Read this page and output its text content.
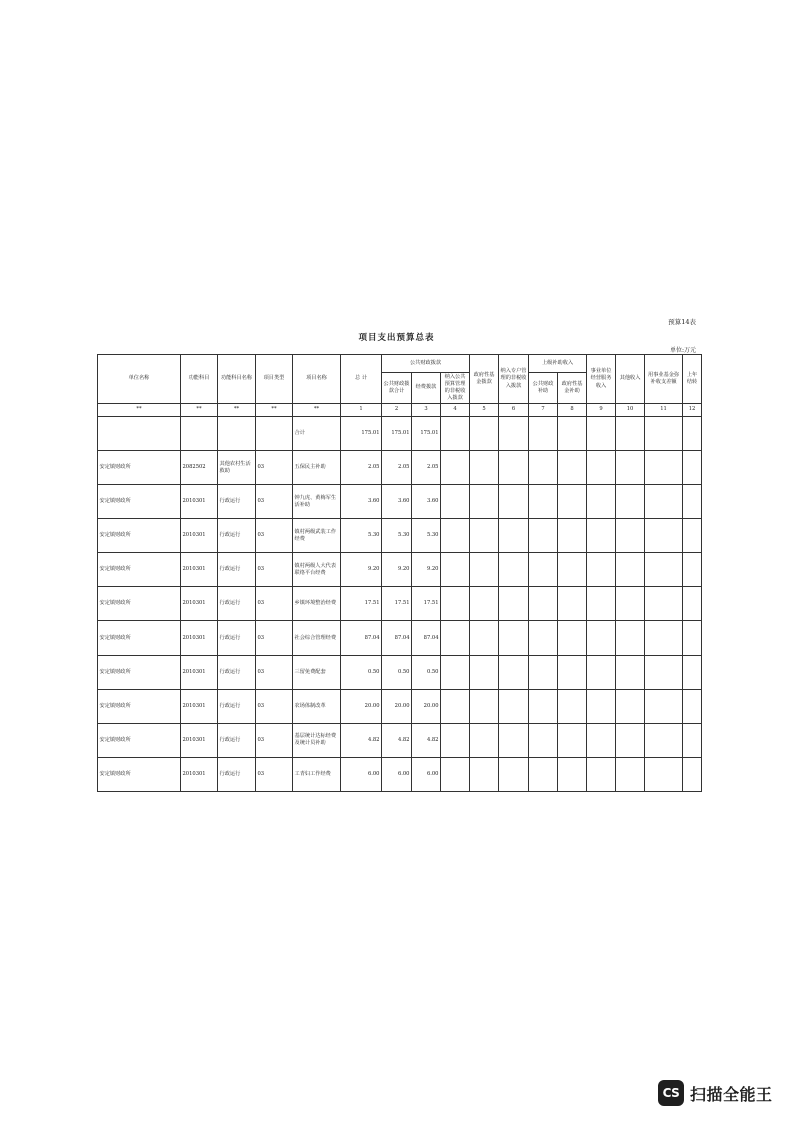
预算14表
项目支出预算总表
单位:万元
单位名称	功能科目	功能科目名称	项目类型	项目名称	总 计	公共财政拨款			政府性基金拨款	纳入专户管理的非税收入拨款	上级补助收入		事业单位经营服务收入	其他收入	用事业基金弥补收支差额	上年结转
						公共财政拨款合计	经费拨款	纳入公共预算管理的非税收入拨款			公共财政补助	政府性基金补助				
**	**	**	**	**	1	2	3	4	5	6	7	8	9	10	11	12
				合计	175.01	175.01	175.01									
安定镇财政所	2082502	其他农村生活救助	03	五保民主补助	2.05	2.05	2.05									
安定镇财政所	2010301	行政运行	03	钟九虎、黄梅军生活补助	3.60	3.60	3.60									
安定镇财政所	2010301	行政运行	03	镇村两级武装工作经费	5.30	5.30	5.30									
安定镇财政所	2010301	行政运行	03	镇村两级人大代表联络平台经费	9.20	9.20	9.20									
安定镇财政所	2010301	行政运行	03	乡镇环境整治经费	17.51	17.51	17.51									
安定镇财政所	2010301	行政运行	03	社会综合管理经费	87.04	87.04	87.04									
安定镇财政所	2010301	行政运行	03	三留免费配套	0.50	0.50	0.50									
安定镇财政所	2010301	行政运行	03	农场体制改革	20.00	20.00	20.00									
安定镇财政所	2010301	行政运行	03	基层统计达标经费及统计员补助	4.82	4.82	4.82									
安定镇财政所	2010301	行政运行	03	工青妇工作经费	6.00	6.00	6.00									
CS 扫描全能王
